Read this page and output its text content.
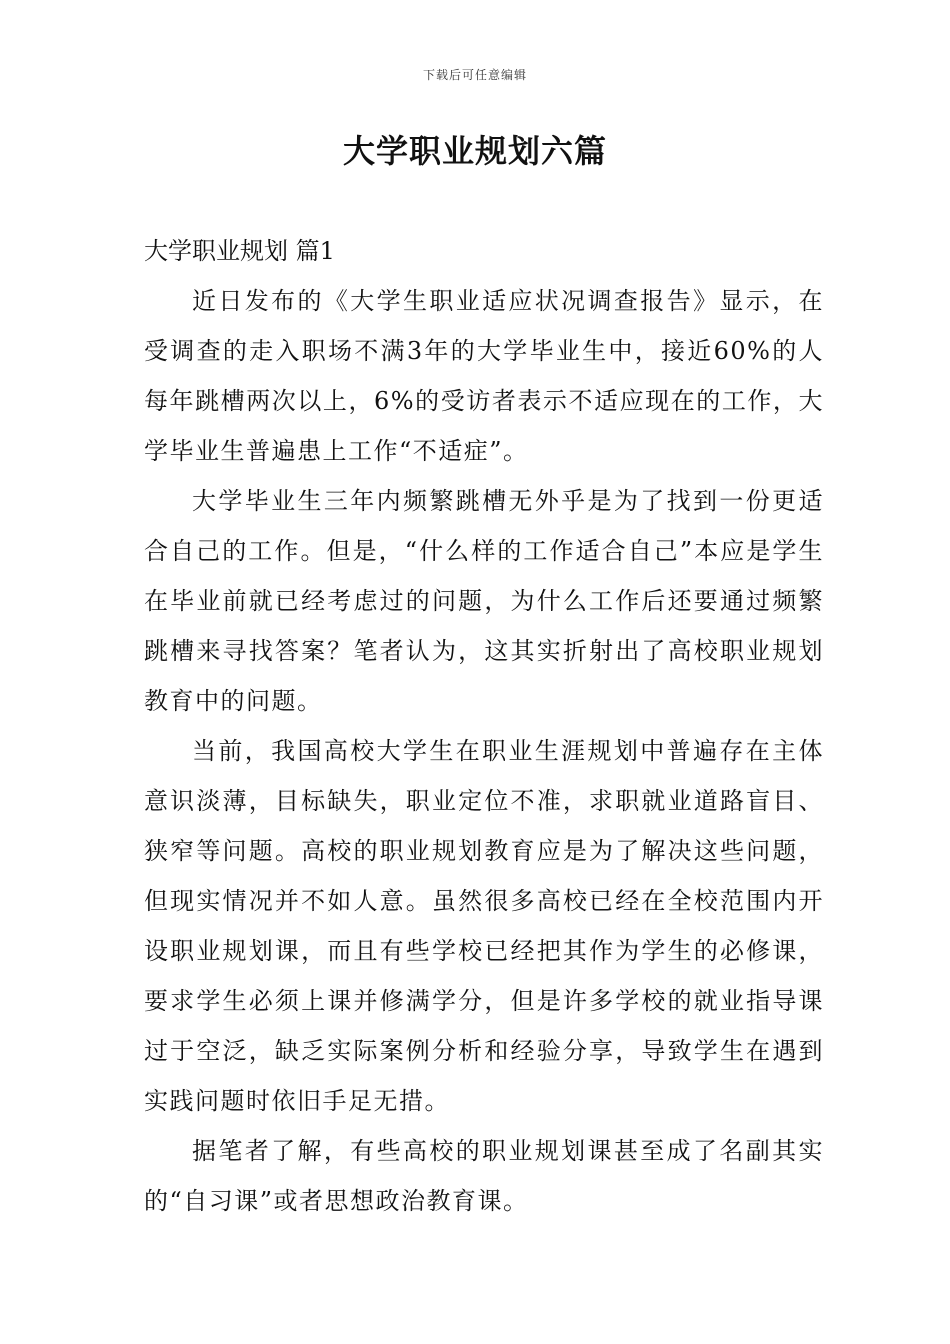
下载后可任意编辑
大学职业规划六篇

大学职业规划 篇1

近日发布的《大学生职业适应状况调查报告》显示，在受调查的走入职场不满3年的大学毕业生中，接近60%的人每年跳槽两次以上，6%的受访者表示不适应现在的工作，大学毕业生普遍患上工作“不适症”。

大学毕业生三年内频繁跳槽无外乎是为了找到一份更适合自己的工作。但是，“什么样的工作适合自己”本应是学生在毕业前就已经考虑过的问题，为什么工作后还要通过频繁跳槽来寻找答案？笔者认为，这其实折射出了高校职业规划教育中的问题。

当前，我国高校大学生在职业生涯规划中普遍存在主体意识淡薄，目标缺失，职业定位不准，求职就业道路盲目、狭窄等问题。高校的职业规划教育应是为了解决这些问题，但现实情况并不如人意。虽然很多高校已经在全校范围内开设职业规划课，而且有些学校已经把其作为学生的必修课，要求学生必须上课并修满学分，但是许多学校的就业指导课过于空泛，缺乏实际案例分析和经验分享，导致学生在遇到实践问题时依旧手足无措。

据笔者了解，有些高校的职业规划课甚至成了名副其实的“自习课”或者思想政治教育课。
